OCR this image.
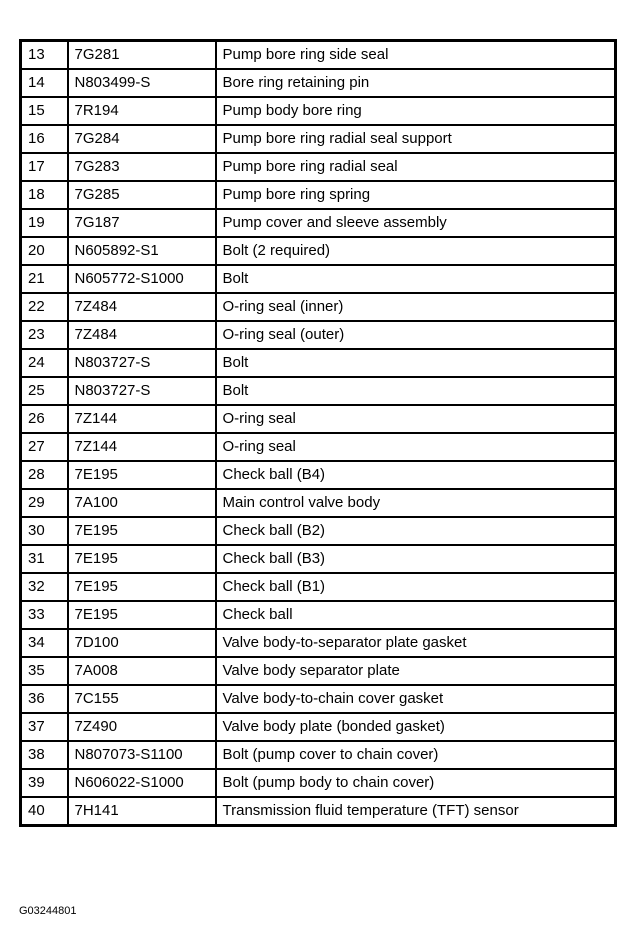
13	7G281	Pump bore ring side seal
14	N803499-S	Bore ring retaining pin
15	7R194	Pump body bore ring
16	7G284	Pump bore ring radial seal support
17	7G283	Pump bore ring radial seal
18	7G285	Pump bore ring spring
19	7G187	Pump cover and sleeve assembly
20	N605892-S1	Bolt (2 required)
21	N605772-S1000	Bolt
22	7Z484	O-ring seal (inner)
23	7Z484	O-ring seal (outer)
24	N803727-S	Bolt
25	N803727-S	Bolt
26	7Z144	O-ring seal
27	7Z144	O-ring seal
28	7E195	Check ball (B4)
29	7A100	Main control valve body
30	7E195	Check ball (B2)
31	7E195	Check ball (B3)
32	7E195	Check ball (B1)
33	7E195	Check ball
34	7D100	Valve body-to-separator plate gasket
35	7A008	Valve body separator plate
36	7C155	Valve body-to-chain cover gasket
37	7Z490	Valve body plate (bonded gasket)
38	N807073-S1100	Bolt (pump cover to chain cover)
39	N606022-S1000	Bolt (pump body to chain cover)
40	7H141	Transmission fluid temperature (TFT) sensor
G03244801
